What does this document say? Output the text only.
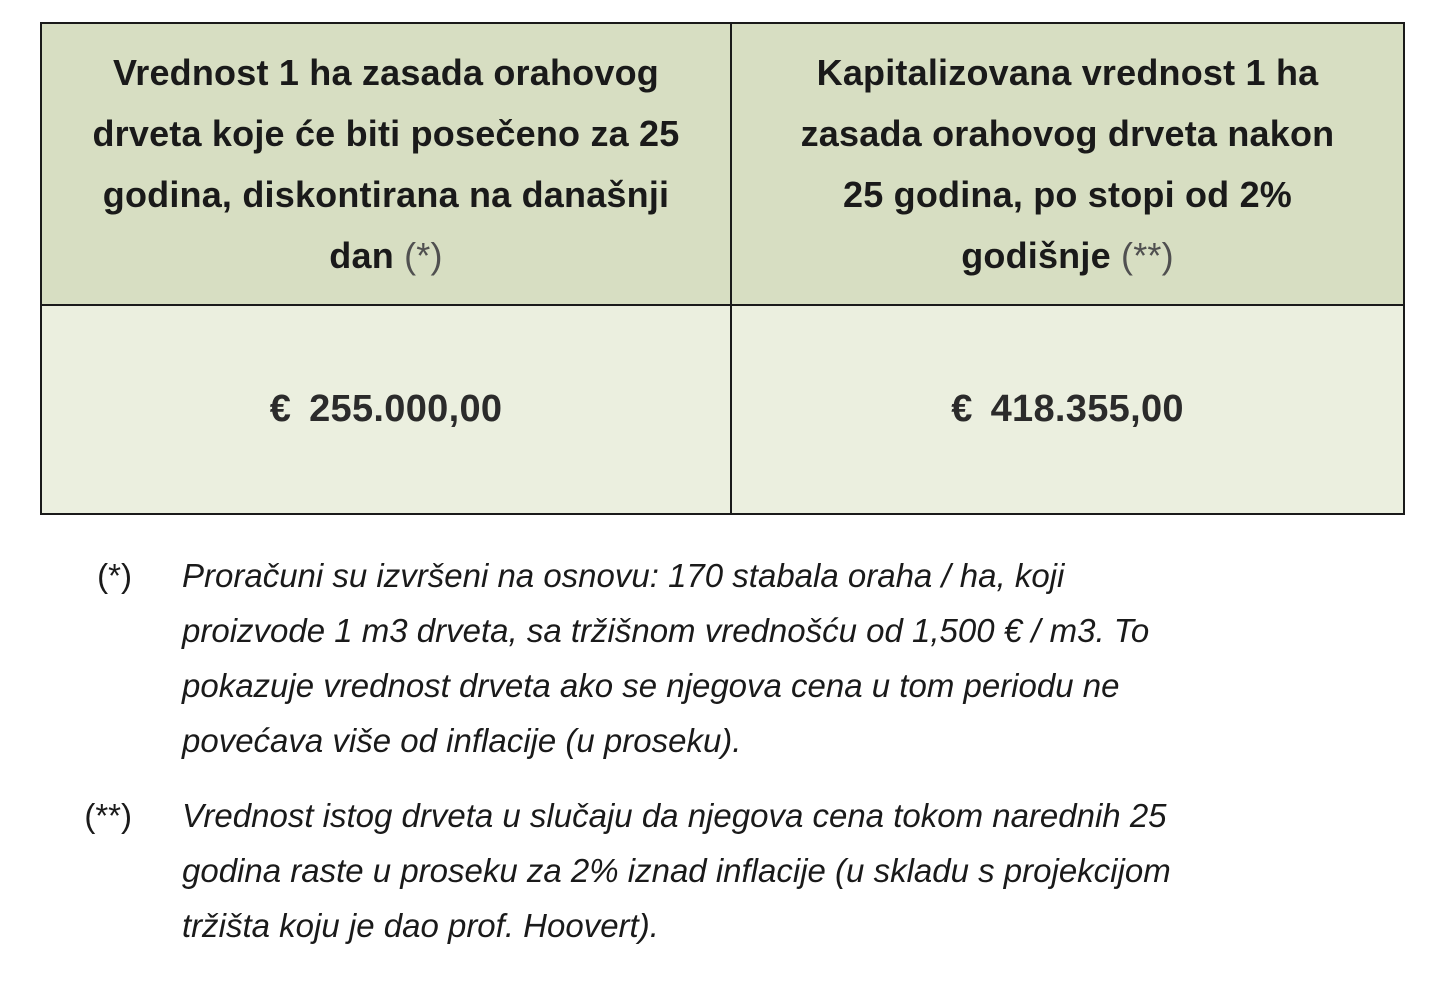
Vrednost 1 ha zasada orahovog
drveta koje će biti posečeno za 25
godina, diskontirana na današnji
dan (*)	Kapitalizovana vrednost 1 ha
zasada orahovog drveta nakon
25 godina, po stopi od 2%
godišnje (**)
€ 255.000,00	€ 418.355,00
(*) Proračuni su izvršeni na osnovu: 170 stabala oraha / ha, koji
proizvode 1 m3 drveta, sa tržišnom vrednošću od 1,500 € / m3. To
pokazuje vrednost drveta ako se njegova cena u tom periodu ne
povećava više od inflacije (u proseku).
(**) Vrednost istog drveta u slučaju da njegova cena tokom narednih 25
godina raste u proseku za 2% iznad inflacije (u skladu s projekcijom
tržišta koju je dao prof. Hoovert).
